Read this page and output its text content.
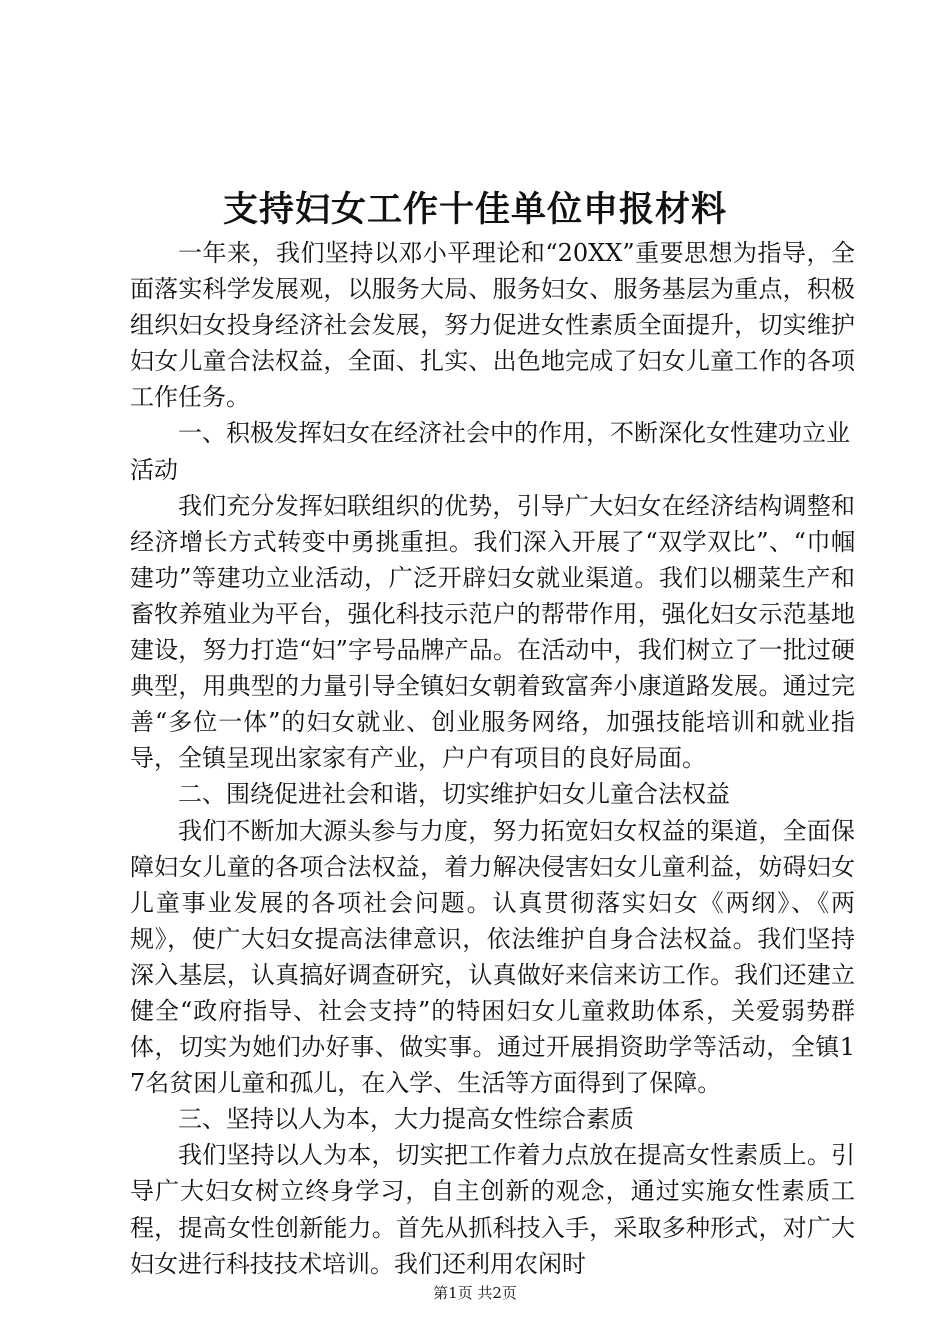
支持妇女工作十佳单位申报材料

一年来，我们坚持以邓小平理论和“20XX”重要思想为指导，全面落实科学发展观，以服务大局、服务妇女、服务基层为重点，积极组织妇女投身经济社会发展，努力促进女性素质全面提升，切实维护妇女儿童合法权益，全面、扎实、出色地完成了妇女儿童工作的各项工作任务。

一、积极发挥妇女在经济社会中的作用，不断深化女性建功立业活动

我们充分发挥妇联组织的优势，引导广大妇女在经济结构调整和经济增长方式转变中勇挑重担。我们深入开展了“双学双比”、“巾帼建功”等建功立业活动，广泛开辟妇女就业渠道。我们以棚菜生产和畜牧养殖业为平台，强化科技示范户的帮带作用，强化妇女示范基地建设，努力打造“妇”字号品牌产品。在活动中，我们树立了一批过硬典型，用典型的力量引导全镇妇女朝着致富奔小康道路发展。通过完善“多位一体”的妇女就业、创业服务网络，加强技能培训和就业指导，全镇呈现出家家有产业，户户有项目的良好局面。

二、围绕促进社会和谐，切实维护妇女儿童合法权益

我们不断加大源头参与力度，努力拓宽妇女权益的渠道，全面保障妇女儿童的各项合法权益，着力解决侵害妇女儿童利益，妨碍妇女儿童事业发展的各项社会问题。认真贯彻落实妇女《两纲》、《两规》，使广大妇女提高法律意识，依法维护自身合法权益。我们坚持深入基层，认真搞好调查研究，认真做好来信来访工作。我们还建立健全“政府指导、社会支持”的特困妇女儿童救助体系，关爱弱势群体，切实为她们办好事、做实事。通过开展捐资助学等活动，全镇17名贫困儿童和孤儿，在入学、生活等方面得到了保障。

三、坚持以人为本，大力提高女性综合素质

我们坚持以人为本，切实把工作着力点放在提高女性素质上。引导广大妇女树立终身学习，自主创新的观念，通过实施女性素质工程，提高女性创新能力。首先从抓科技入手，采取多种形式，对广大妇女进行科技技术培训。我们还利用农闲时

第1页 共2页
